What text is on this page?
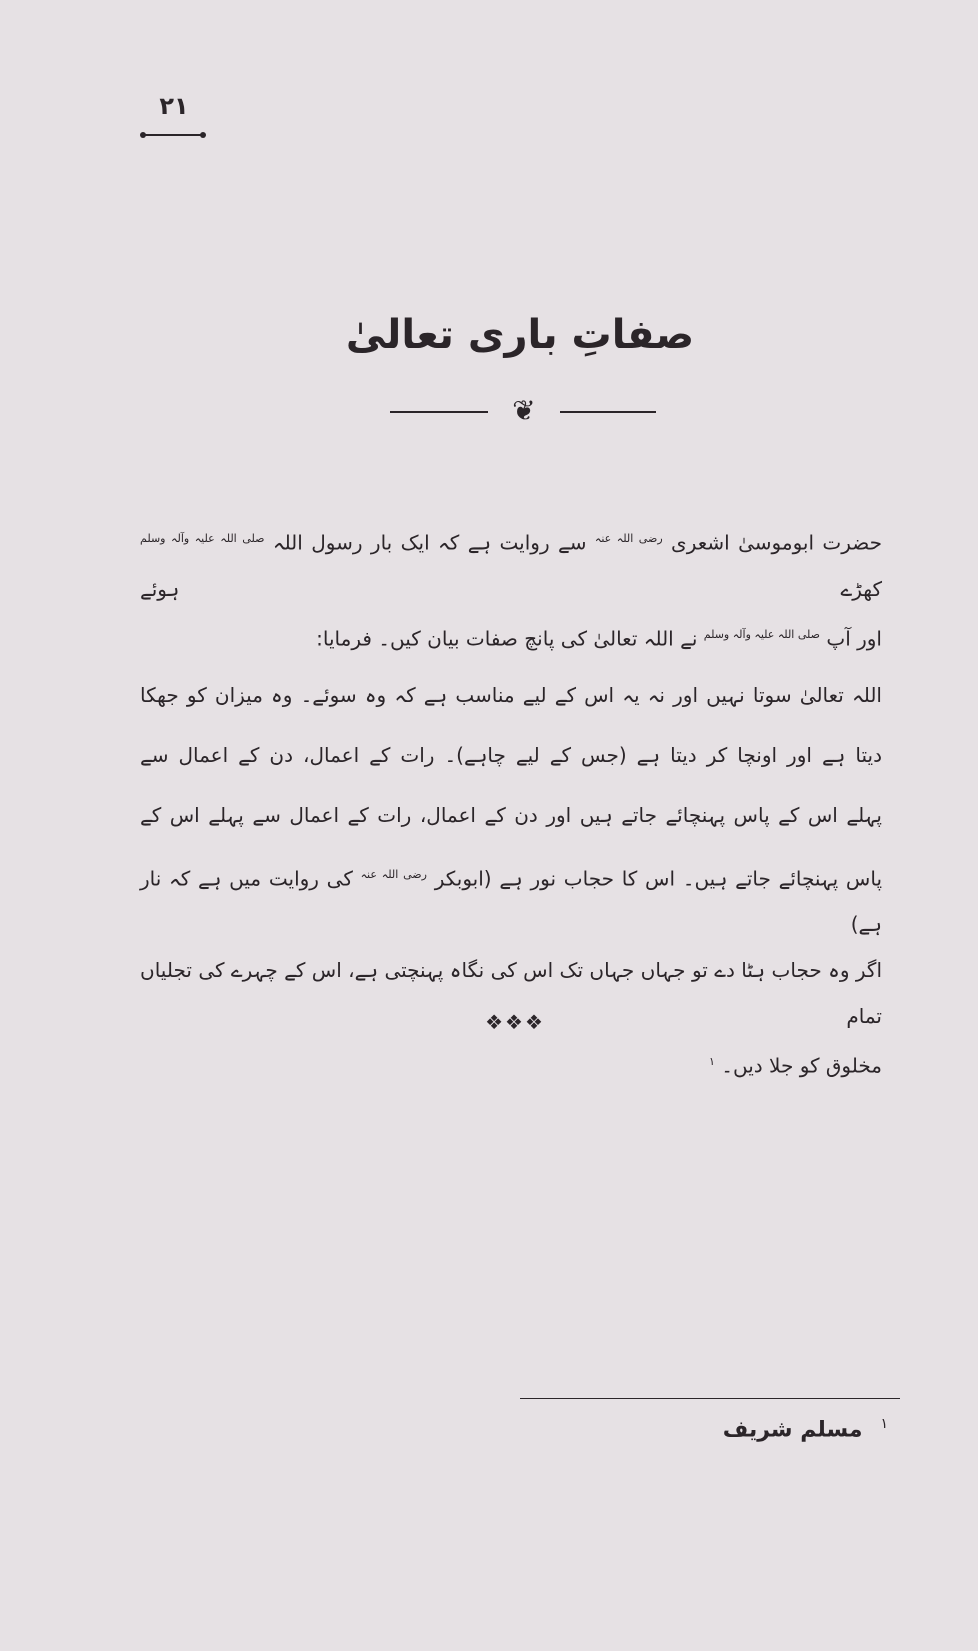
۲۱
صفاتِ باری تعالیٰ
❦
حضرت ابوموسیٰ اشعری $^{رضی اللہ عنہ}$ سے روایت ہے کہ ایک بار رسول اللہ $^{صلی اللہ علیہ وآلہ وسلم}$ کھڑے ہوئے
اور آپ $^{صلی اللہ علیہ وآلہ وسلم}$ نے اللہ تعالیٰ کی پانچ صفات بیان کیں۔ فرمایا:
اللہ تعالیٰ سوتا نہیں اور نہ یہ اس کے لیے مناسب ہے کہ وہ سوئے۔ وہ میزان کو جھکا
دیتا ہے اور اونچا کر دیتا ہے (جس کے لیے چاہے)۔ رات کے اعمال، دن کے اعمال سے
پہلے اس کے پاس پہنچائے جاتے ہیں اور دن کے اعمال، رات کے اعمال سے پہلے اس کے
پاس پہنچائے جاتے ہیں۔ اس کا حجاب نور ہے (ابوبکر $^{رضی اللہ عنہ}$ کی روایت میں ہے کہ نار ہے)
اگر وہ حجاب ہٹا دے تو جہاں جہاں تک اس کی نگاہ پہنچتی ہے، اس کے چہرے کی تجلیاں تمام
مخلوق کو جلا دیں۔ $^۱$
❖❖❖
$^۱$مسلم شریف
